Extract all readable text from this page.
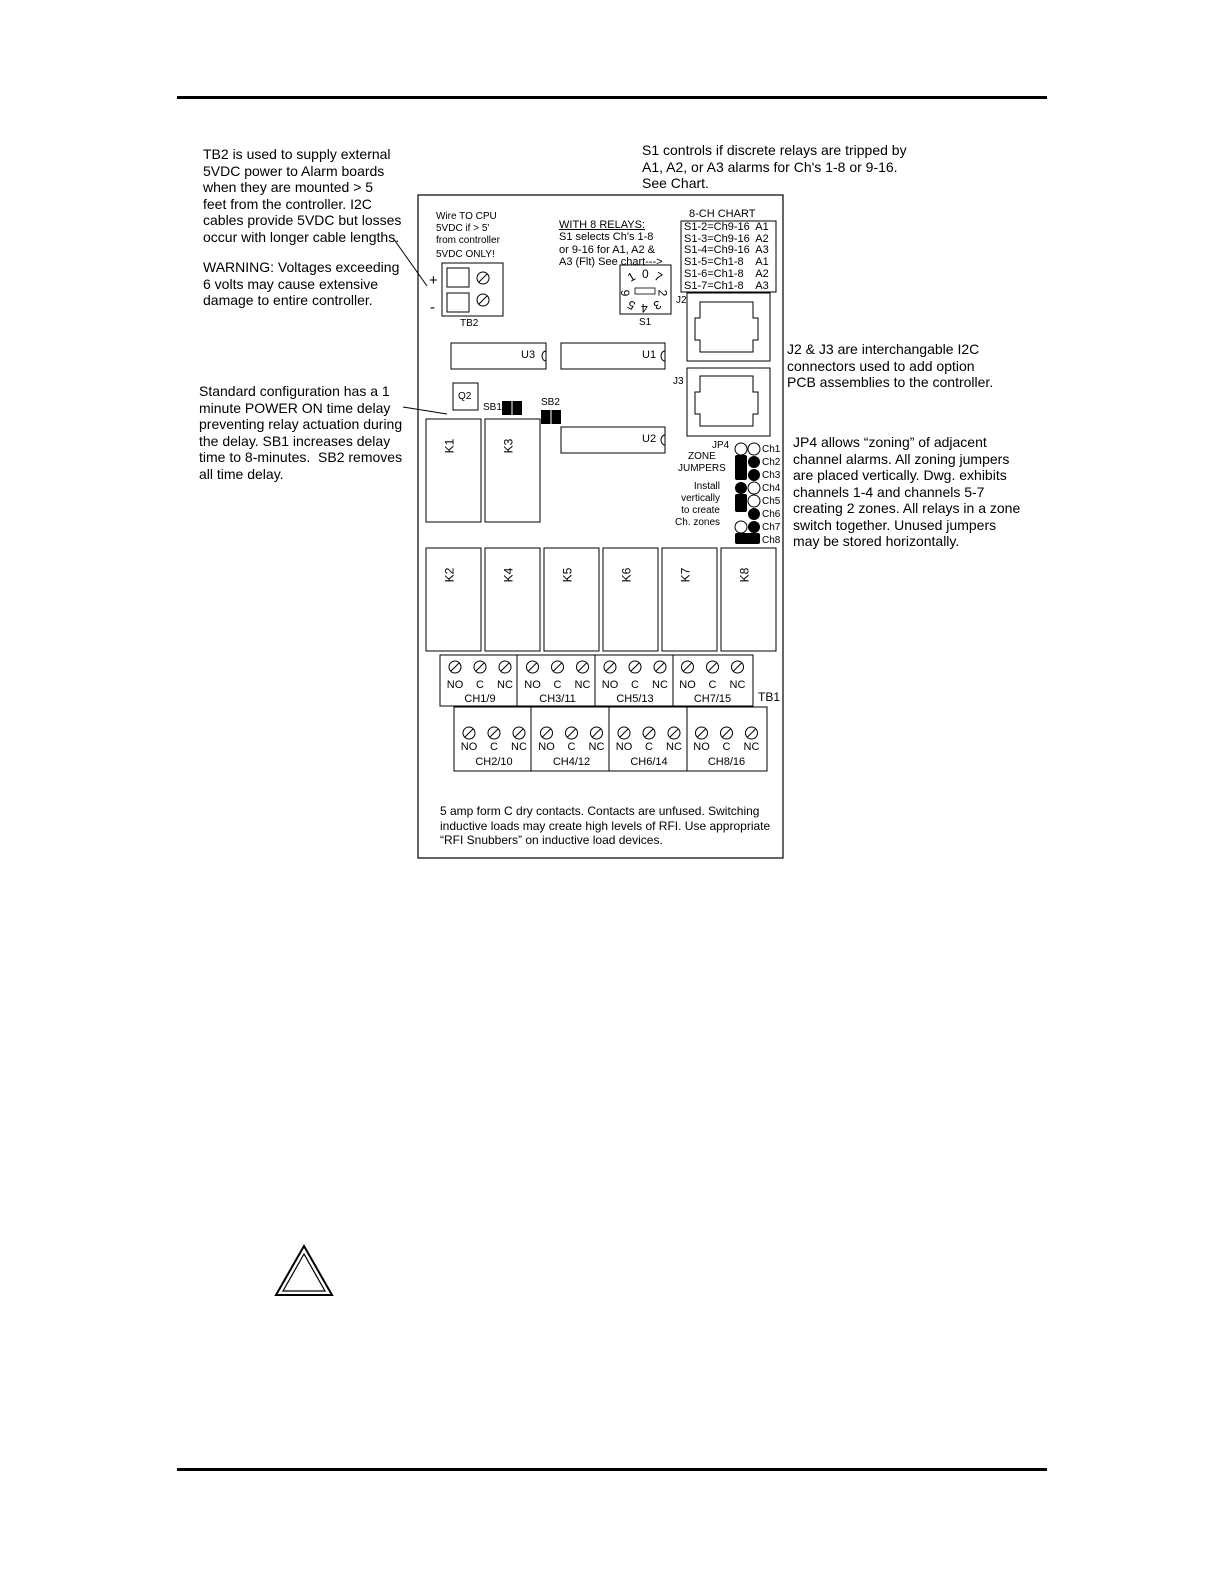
TB2 is used to supply external
5VDC power to Alarm boards
when they are mounted > 5
feet from the controller. I2C
cables provide 5VDC but losses
occur with longer cable lengths.

WARNING: Voltages exceeding
6 volts may cause extensive
damage to entire controller.

S1 controls if discrete relays are tripped by
A1, A2, or A3 alarms for Ch's 1-8 or 9-16.
See Chart.

Standard configuration has a 1
minute POWER ON time delay
preventing relay actuation during
the delay. SB1 increases delay
time to 8-minutes.  SB2 removes
all time delay.

J2 & J3 are interchangable I2C
connectors used to add option
PCB assemblies to the controller.

JP4 allows “zoning” of adjacent
channel alarms. All zoning jumpers
are placed vertically. Dwg. exhibits
channels 1-4 and channels 5-7
creating 2 zones. All relays in a zone
switch together. Unused jumpers
may be stored horizontally.

Wire TO CPU
5VDC if > 5'
from controller

5VDC ONLY!
+
-
TB2
WITH 8 RELAYS:

S1 selects Ch's 1-8
or 9-16 for A1, A2 &
A3 (Flt) See chart--->

8-CH CHART
S1-2=Ch9-16  A1
S1-3=Ch9-16  A2
S1-4=Ch9-16  A3
S1-5=Ch1-8    A1
S1-6=Ch1-8    A2
S1-7=Ch1-8    A3
1 0 7
6 2
5 4 3
S1
J2
J3
U3	U1
U2
Q2
SB1	SB2
JP4

ZONE
JUMPERS

Install
vertically
to create
Ch. zones

Ch1
Ch2
Ch3
Ch4
Ch5
Ch6
Ch7
Ch8
K1	K3
K2	K4	K5	K6	K7	K8
NO C NC
CH1/9
NO C NC
CH3/11
NO C NC
CH5/13
NO C NC
CH7/15
NO C NC
CH2/10
NO C NC
CH4/12
NO C NC
CH6/14
NO C NC
CH8/16
TB1

5 amp form C dry contacts. Contacts are unfused. Switching
inductive loads may create high levels of RFI. Use appropriate
“RFI Snubbers” on inductive load devices.
